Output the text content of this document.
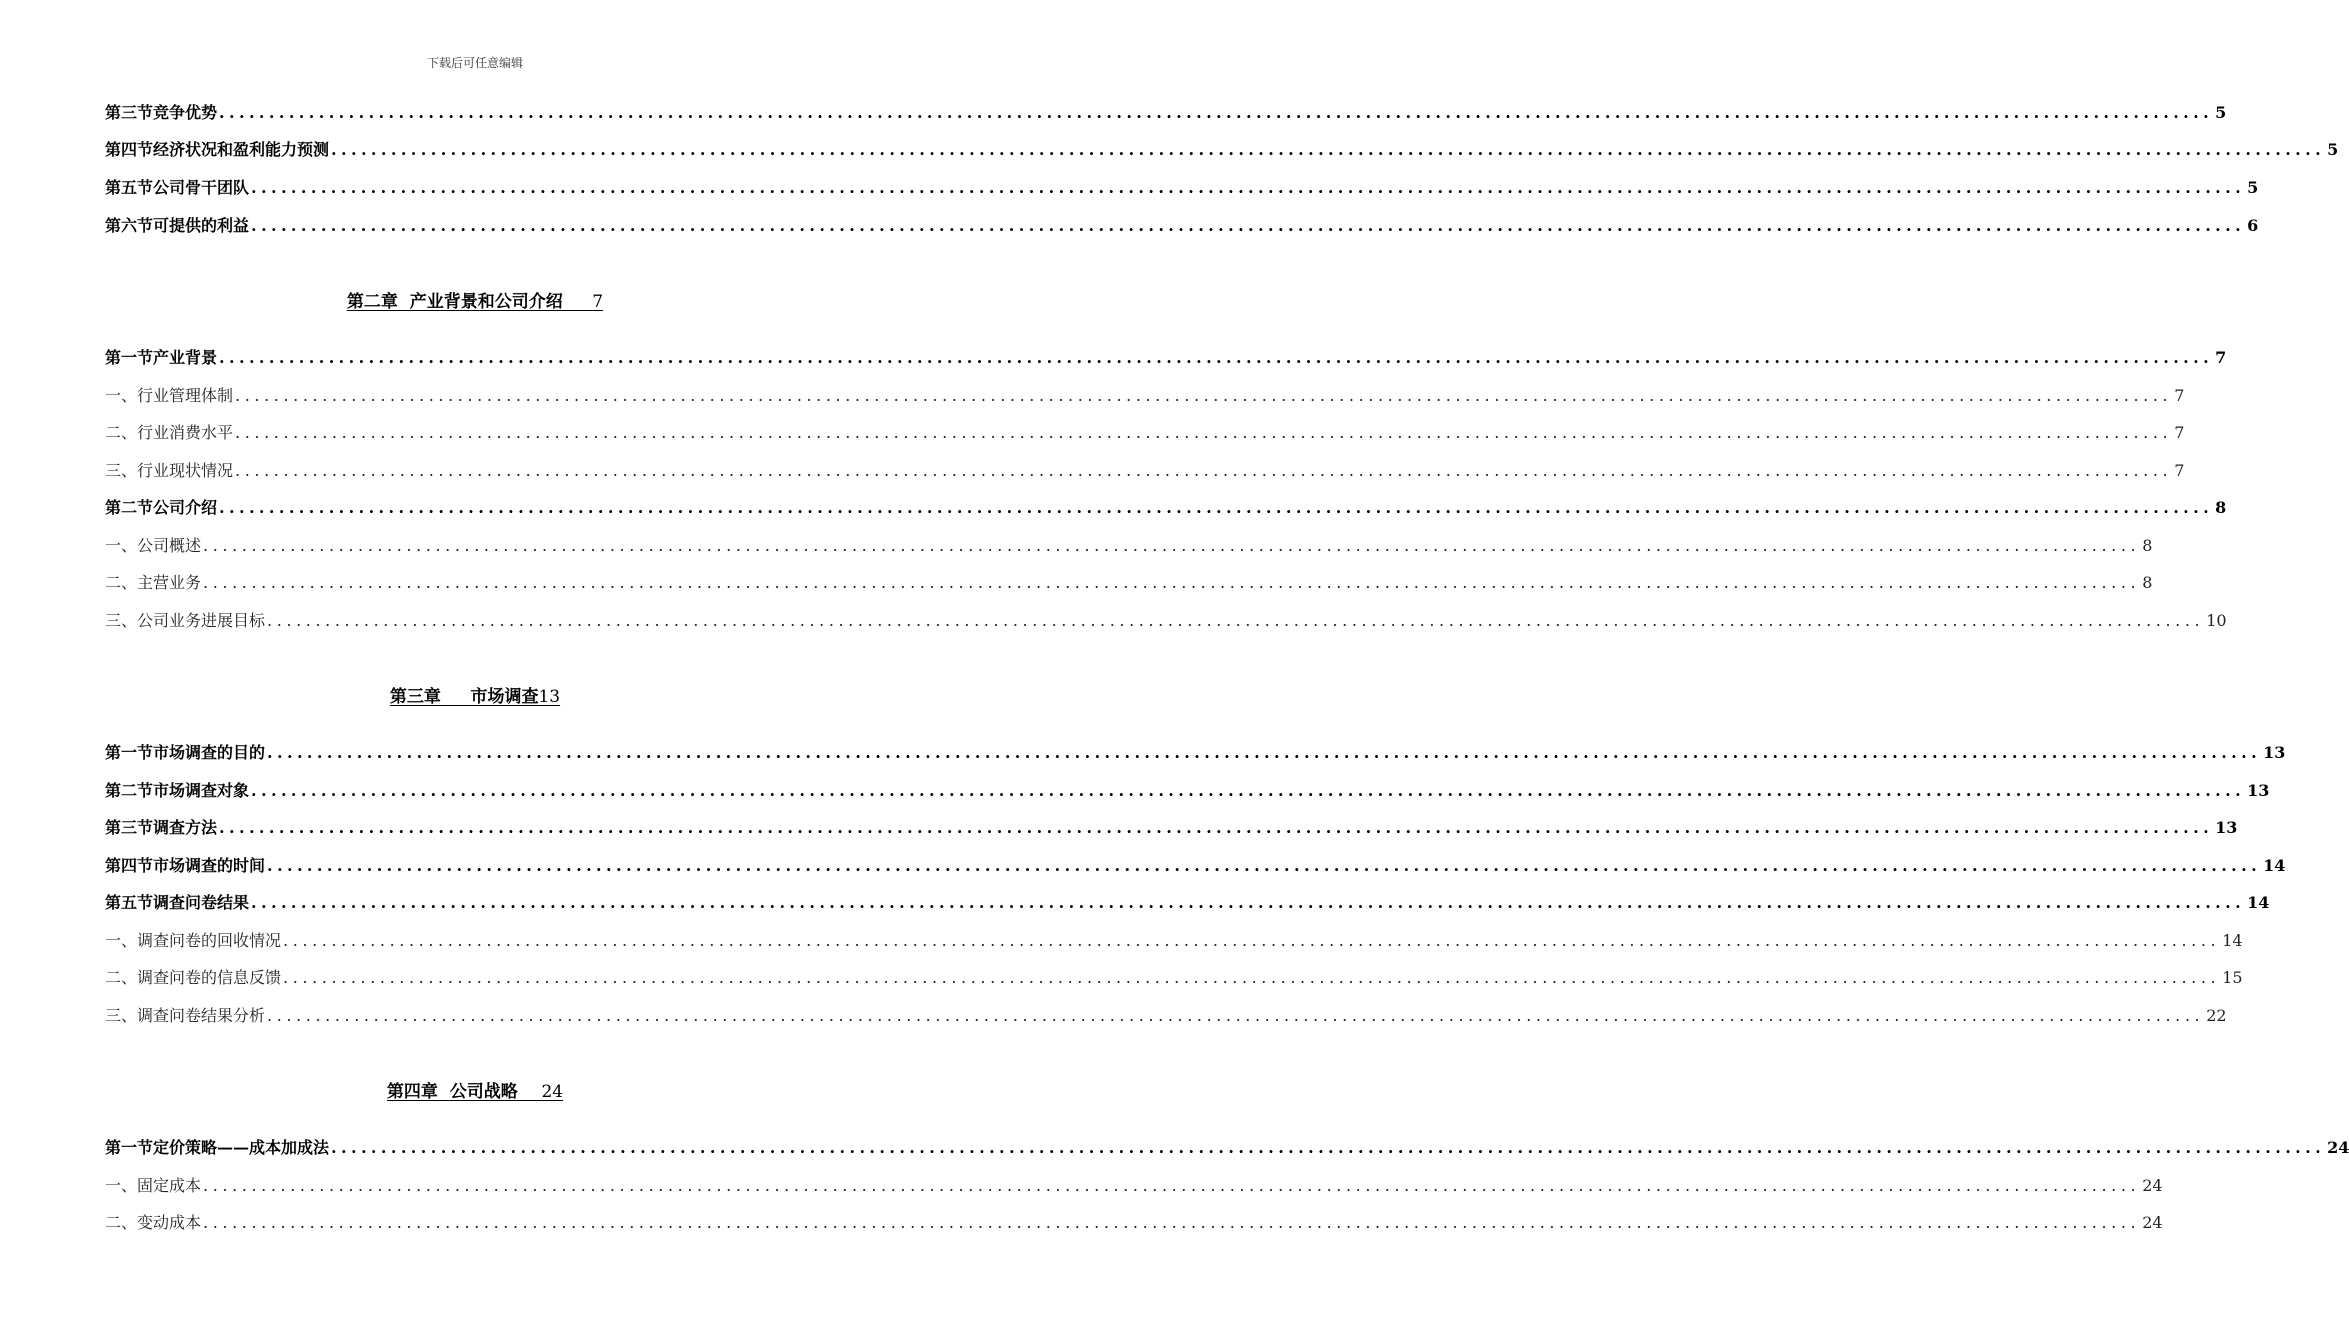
下载后可任意编辑
第三节 竞争优势 ........................................................................................................................................................................................................ 5
第四节 经济状况和盈利能力预测 ........................................................................................................................................................................................................ 5
第五节 公司骨干团队 ........................................................................................................................................................................................................ 5
第六节 可提供的利益 ........................................................................................................................................................................................................ 6
第二章  产业背景和公司介绍     7
第一节 产业背景 ........................................................................................................................................................................................................ 7
一、 行业管理体制 ........................................................................................................................................................................................................ 7
二、 行业消费水平 ........................................................................................................................................................................................................ 7
三、 行业现状情况 ........................................................................................................................................................................................................ 7
第二节 公司介绍 ........................................................................................................................................................................................................ 8
一、 公司概述 ........................................................................................................................................................................................................ 8
二、 主营业务 ........................................................................................................................................................................................................ 8
三、 公司业务进展目标 ........................................................................................................................................................................................................ 10
第三章     市场调查13
第一节 市场调查的目的 ........................................................................................................................................................................................................ 13
第二节 市场调查对象 ........................................................................................................................................................................................................ 13
第三节 调查方法 ........................................................................................................................................................................................................ 13
第四节 市场调查的时间 ........................................................................................................................................................................................................ 14
第五节 调查问卷结果 ........................................................................................................................................................................................................ 14
一、 调查问卷的回收情况 ........................................................................................................................................................................................................ 14
二、 调查问卷的信息反馈 ........................................................................................................................................................................................................ 15
三、 调查问卷结果分析 ........................................................................................................................................................................................................ 22
第四章  公司战略    24
第一节 定价策略——成本加成法 ........................................................................................................................................................................................................ 24
一、 固定成本 ........................................................................................................................................................................................................ 24
二、 变动成本 ........................................................................................................................................................................................................ 24
